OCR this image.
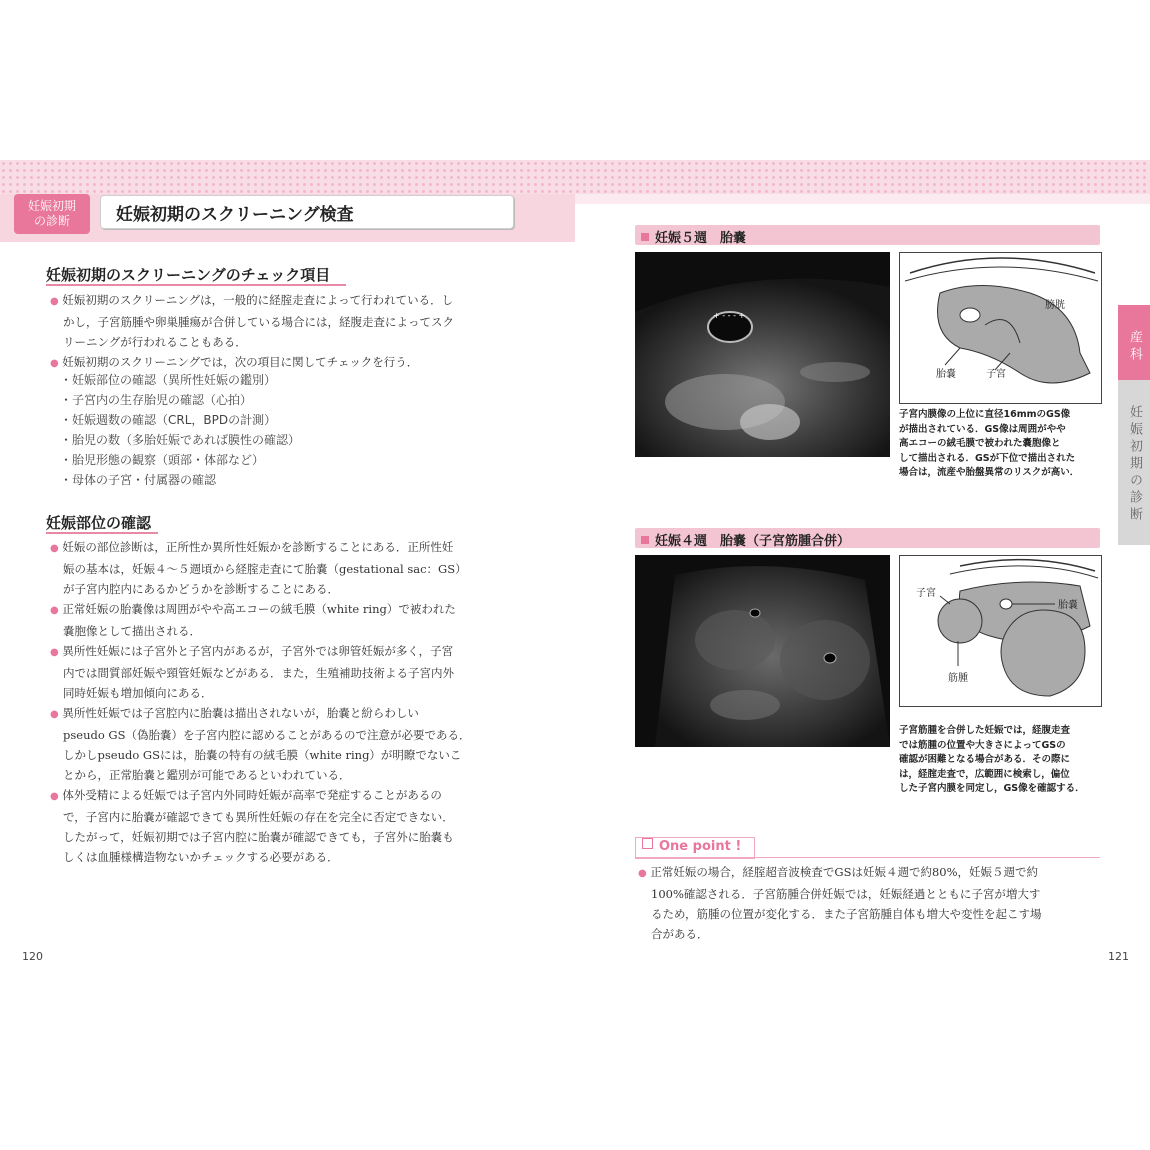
妊娠初期
の診断	妊娠初期のスクリーニング検査
妊娠初期のスクリーニングのチェック項目
● 妊娠初期のスクリーニングは，一般的に経腟走査によって行われている．し
かし，子宮筋腫や卵巣腫瘍が合併している場合には，経腹走査によってスク
リーニングが行われることもある．
● 妊娠初期のスクリーニングでは，次の項目に関してチェックを行う．
・妊娠部位の確認（異所性妊娠の鑑別）
・子宮内の生存胎児の確認（心拍）
・妊娠週数の確認（CRL，BPDの計測）
・胎児の数（多胎妊娠であれば膜性の確認）
・胎児形態の観察（頭部・体部など）
・母体の子宮・付属器の確認
妊娠部位の確認
● 妊娠の部位診断は，正所性か異所性妊娠かを診断することにある．正所性妊
娠の基本は，妊娠４～５週頃から経腟走査にて胎嚢（gestational sac：GS）
が子宮内腔内にあるかどうかを診断することにある．
● 正常妊娠の胎嚢像は周囲がやや高エコーの絨毛膜（white ring）で被われた
嚢胞像として描出される．
● 異所性妊娠には子宮外と子宮内があるが，子宮外では卵管妊娠が多く，子宮
内では間質部妊娠や頸管妊娠などがある．また，生殖補助技術よる子宮内外
同時妊娠も増加傾向にある．
● 異所性妊娠では子宮腔内に胎嚢は描出されないが，胎嚢と紛らわしい
pseudo GS（偽胎嚢）を子宮内腔に認めることがあるので注意が必要である．
しかしpseudo GSには，胎嚢の特有の絨毛膜（white ring）が明瞭でないこ
とから，正常胎嚢と鑑別が可能であるといわれている．
● 体外受精による妊娠では子宮内外同時妊娠が高率で発症することがあるの
で，子宮内に胎嚢が確認できても異所性妊娠の存在を完全に否定できない．
したがって，妊娠初期では子宮内腔に胎嚢が確認できても，子宮外に胎嚢も
しくは血腫様構造物ないかチェックする必要がある．
120
妊娠５週　胎嚢
+ - - - +
膀胱
胎嚢	子宮
子宮内膜像の上位に直径16mmのGS像
が描出されている．GS像は周囲がやや
高エコーの絨毛膜で被われた嚢胞像と
して描出される．GSが下位で描出された
場合は，流産や胎盤異常のリスクが高い．
妊娠４週　胎嚢（子宮筋腫合併）
子宮
胎嚢
筋腫
子宮筋腫を合併した妊娠では，経腹走査
では筋腫の位置や大きさによってGSの
確認が困難となる場合がある．その際に
は，経腟走査で，広範囲に検索し，偏位
した子宮内膜を同定し，GS像を確認する．
One point !
● 正常妊娠の場合，経腟超音波検査でGSは妊娠４週で約80%，妊娠５週で約
100%確認される．子宮筋腫合併妊娠では，妊娠経過とともに子宮が増大す
るため，筋腫の位置が変化する．また子宮筋腫自体も増大や変性を起こす場
合がある．
産科
妊娠初期の診断
121
